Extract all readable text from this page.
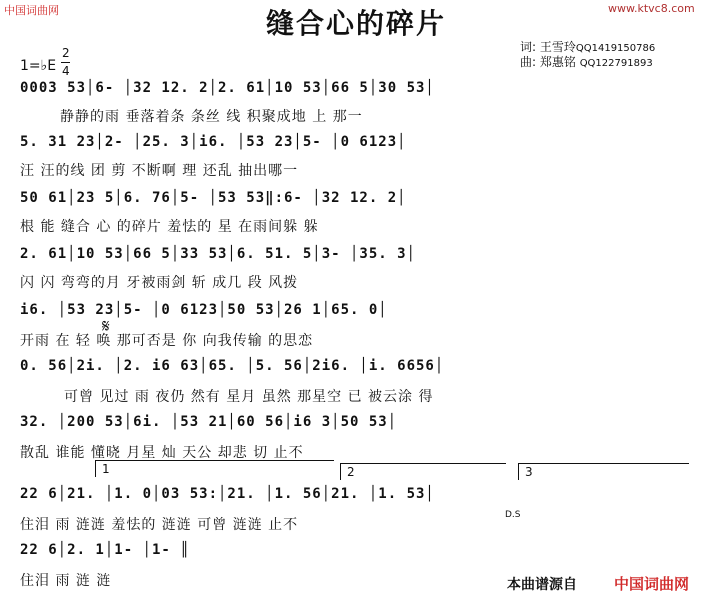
中国词曲网	www.ktvc8.com
缝合心的碎片
词: 王雪玲QQ1419150786
曲: 郑惠铭 QQ122791893
1=♭E
2
4
0003 53│6- │32 12. 2│2. 61│10 53│66 5│30 53│
静静的雨 垂落着条 条丝 线 积聚成地 上 那一
5. 31 23│2- │25. 3│i6. │53 23│5- │0 6123│
汪 汪的线 团 剪 不断啊 理 还乱 抽出哪一
50 61│23 5│6. 76│5- │53 53‖:6- │32 12. 2│
根 能 缝合 心 的碎片 羞怯的 星 在雨间躲 躲
2. 61│10 53│66 5│33 53│6. 51. 5│3- │35. 3│
闪 闪 弯弯的月 牙被雨剑 斩 成几 段 风拨
i6. │53 23│5- │0 6123│50 53│26 1│65. 0│
开雨 在 轻 唤 那可否是 你 向我传输 的思恋
𝄋
0. 56│2i. │2. i6 63│65. │5. 56│2i6. │i. 6656│
可曾 见过 雨 夜仍 然有 星月 虽然 那星空 已 被云涂 得
32. │200 53│6i. │53 21│60 56│i6 3│50 53│
散乱 谁能 懂晓 月星 灿 天公 却悲 切 止不
1	2	3
22 6│21. │1. 0│03 53:│21. │1. 56│21. │1. 53│
住泪 雨 涟涟 羞怯的 涟涟 可曾 涟涟 止不
D.S
22 6│2. 1│1- │1- ║
住泪 雨 涟 涟	本曲谱源自 中国词曲网
